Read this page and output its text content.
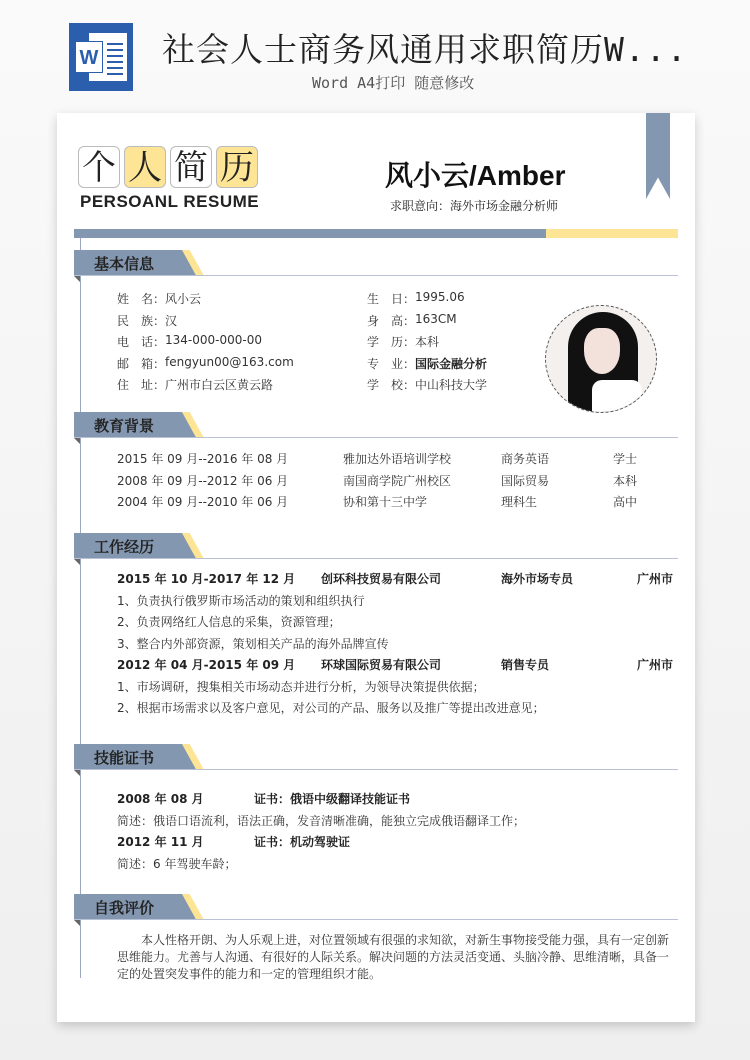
W 社会人士商务风通用求职简历W...
Word A4打印 随意修改
个 人 简 历
PERSOANL RESUME
风小云/Amber
求职意向：海外市场金融分析师
基本信息
姓　名： 风小云
民　族： 汉
电　话： 134-000-000-00
邮　箱： fengyun00@163.com
住　址： 广州市白云区黄云路
生　日： 1995.06
身　高： 163CM
学　历： 本科
专　业： 国际金融分析
学　校： 中山科技大学
教育背景
2015 年 09 月--2016 年 08 月	雅加达外语培训学校	商务英语	学士
2008 年 09 月--2012 年 06 月	南国商学院广州校区	国际贸易	本科
2004 年 09 月--2010 年 06 月	协和第十三中学	理科生	高中
工作经历
2015 年 10 月-2017 年 12 月 创环科技贸易有限公司	海外市场专员	广州市
1、负责执行俄罗斯市场活动的策划和组织执行
2、负责网络红人信息的采集，资源管理；
3、整合内外部资源，策划相关产品的海外品牌宣传
2012 年 04 月-2015 年 09 月 环球国际贸易有限公司	销售专员	广州市
1、市场调研，搜集相关市场动态并进行分析，为领导决策提供依据；
2、根据市场需求以及客户意见，对公司的产品、服务以及推广等提出改进意见；
技能证书
2008 年 08 月	证书：俄语中级翻译技能证书
简述：俄语口语流利，语法正确，发音清晰准确，能独立完成俄语翻译工作；
2012 年 11 月	证书：机动驾驶证
简述：6 年驾驶车龄；
自我评价
本人性格开朗、为人乐观上进，对位置领域有很强的求知欲，对新生事物接受能力强，具有一定创新思维能力。尤善与人沟通、有很好的人际关系。解决问题的方法灵活变通、头脑冷静、思维清晰，具备一定的处置突发事件的能力和一定的管理组织才能。
